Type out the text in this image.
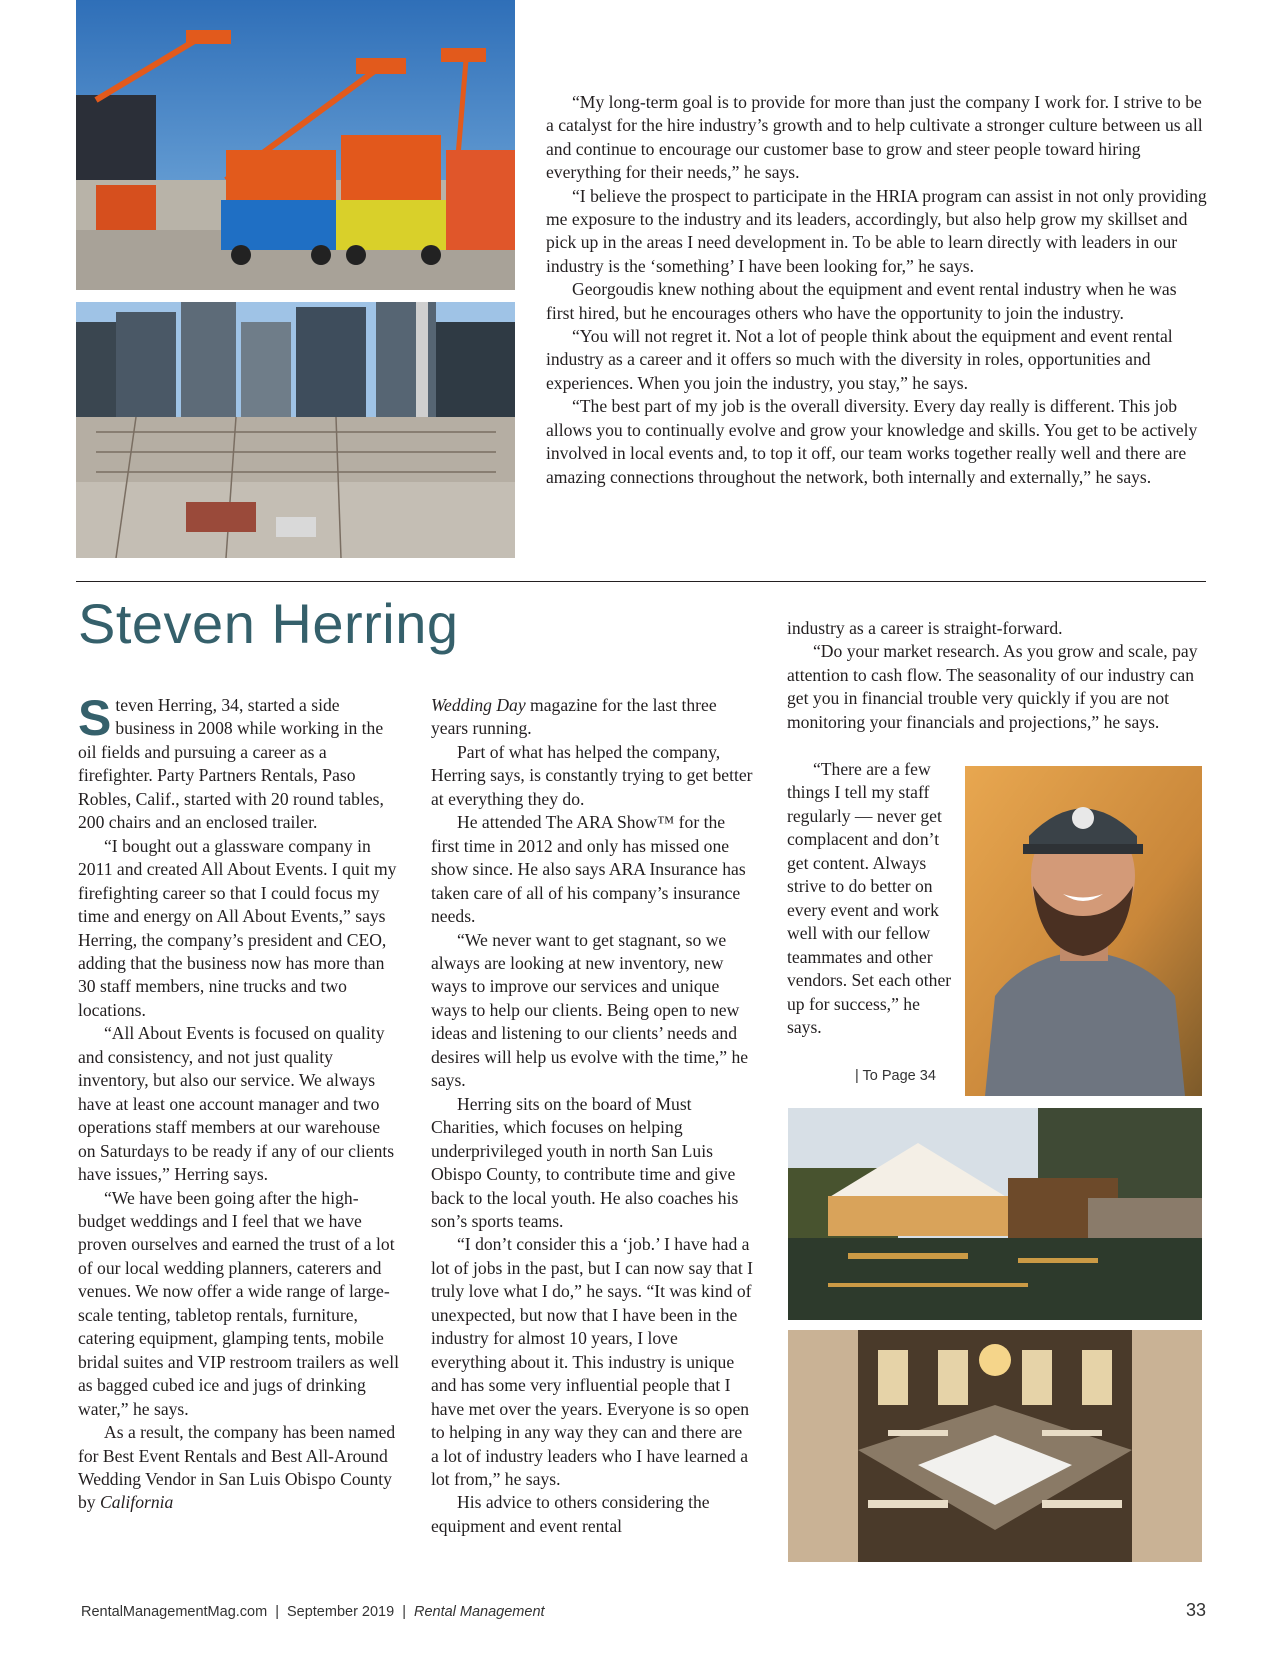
“My long-term goal is to provide for more than just the company I work for. I strive to be a catalyst for the hire industry’s growth and to help cultivate a stronger culture between us all and continue to encourage our customer base to grow and steer people toward hiring everything for their needs,” he says.

“I believe the prospect to participate in the HRIA program can assist in not only providing me exposure to the industry and its leaders, accordingly, but also help grow my skillset and pick up in the areas I need development in. To be able to learn directly with leaders in our industry is the ‘something’ I have been looking for,” he says.

Georgoudis knew nothing about the equipment and event rental industry when he was first hired, but he encourages others who have the opportunity to join the industry.

“You will not regret it. Not a lot of people think about the equipment and event rental industry as a career and it offers so much with the diversity in roles, opportunities and experiences. When you join the industry, you stay,” he says.

“The best part of my job is the overall diversity. Every day really is different. This job allows you to continually evolve and grow your knowledge and skills. You get to be actively involved in local events and, to top it off, our team works together really well and there are amazing connections throughout the network, both internally and externally,” he says.

Steven Herring

Steven Herring, 34, started a side business in 2008 while working in the oil fields and pursuing a career as a firefighter. Party Partners Rentals, Paso Robles, Calif., started with 20 round tables, 200 chairs and an enclosed trailer.

“I bought out a glassware company in 2011 and created All About Events. I quit my firefighting career so that I could focus my time and energy on All About Events,” says Herring, the company’s president and CEO, adding that the business now has more than 30 staff members, nine trucks and two locations.

“All About Events is focused on quality and consistency, and not just quality inventory, but also our service. We always have at least one account manager and two operations staff members at our warehouse on Saturdays to be ready if any of our clients have issues,” Herring says.

“We have been going after the high-budget weddings and I feel that we have proven ourselves and earned the trust of a lot of our local wedding planners, caterers and venues. We now offer a wide range of large-scale tenting, tabletop rentals, furniture, catering equipment, glamping tents, mobile bridal suites and VIP restroom trailers as well as bagged cubed ice and jugs of drinking water,” he says.

As a result, the company has been named for Best Event Rentals and Best All-Around Wedding Vendor in San Luis Obispo County by California

Wedding Day magazine for the last three years running.

Part of what has helped the company, Herring says, is constantly trying to get better at everything they do.

He attended The ARA Show™ for the first time in 2012 and only has missed one show since. He also says ARA Insurance has taken care of all of his company’s insurance needs.

“We never want to get stagnant, so we always are looking at new inventory, new ways to improve our services and unique ways to help our clients. Being open to new ideas and listening to our clients’ needs and desires will help us evolve with the time,” he says.

Herring sits on the board of Must Charities, which focuses on helping underprivileged youth in north San Luis Obispo County, to contribute time and give back to the local youth. He also coaches his son’s sports teams.

“I don’t consider this a ‘job.’ I have had a lot of jobs in the past, but I can now say that I truly love what I do,” he says. “It was kind of unexpected, but now that I have been in the industry for almost 10 years, I love everything about it. This industry is unique and has some very influential people that I have met over the years. Everyone is so open to helping in any way they can and there are a lot of industry leaders who I have learned a lot from,” he says.

His advice to others considering the equipment and event rental

industry as a career is straight-forward.

“Do your market research. As you grow and scale, pay attention to cash flow. The seasonality of our industry can get you in financial trouble very quickly if you are not monitoring your financials and projections,” he says.

“There are a few things I tell my staff regularly — never get complacent and don’t get content. Always strive to do better on every event and work well with our fellow teammates and other vendors. Set each other up for success,” he says.

| To Page 34
RentalManagementMag.com | September 2019 | Rental Management	33
